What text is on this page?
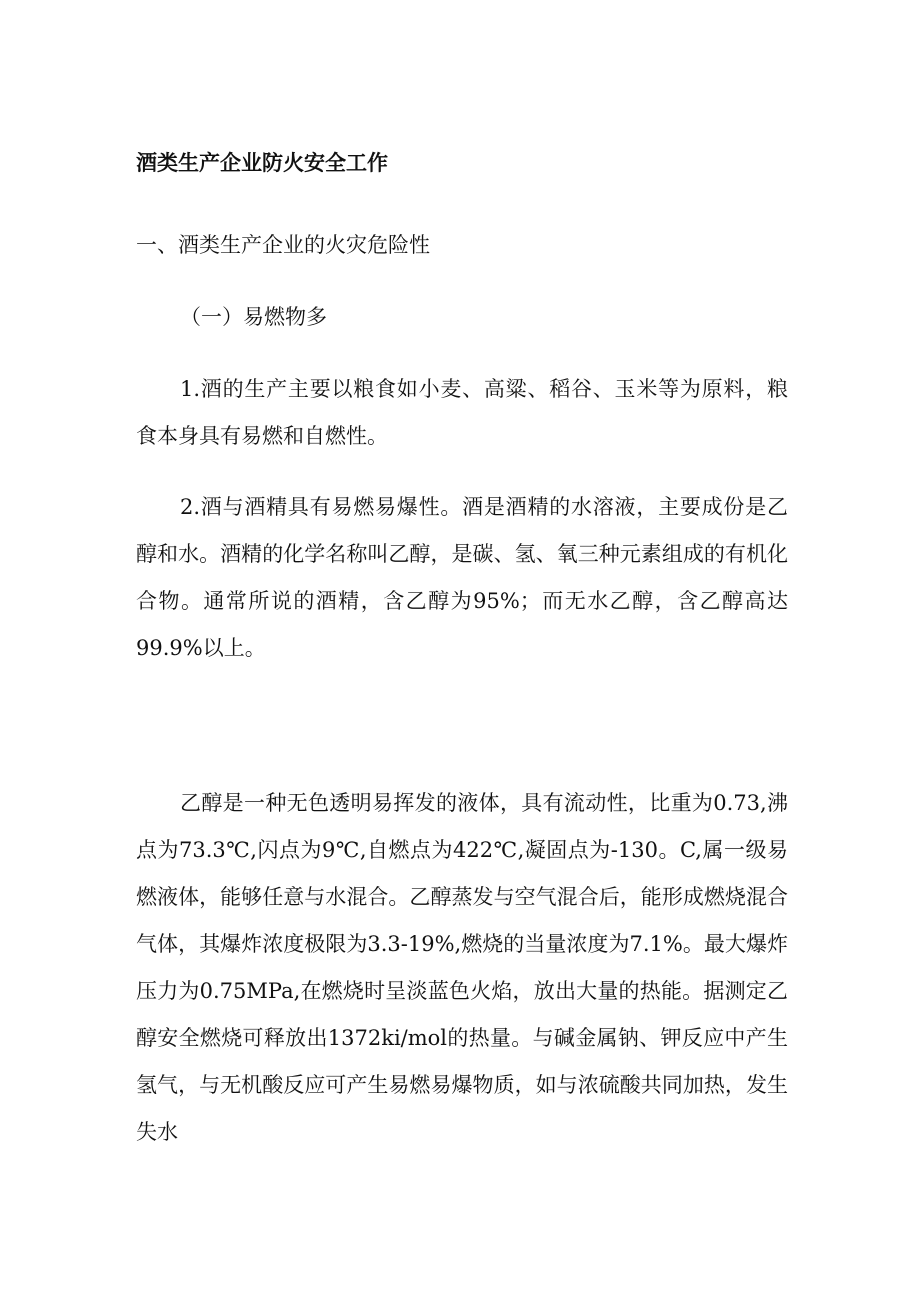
酒类生产企业防火安全工作

一、酒类生产企业的火灾危险性

（一）易燃物多

1.酒的生产主要以粮食如小麦、高粱、稻谷、玉米等为原料，粮食本身具有易燃和自燃性。

2.酒与酒精具有易燃易爆性。酒是酒精的水溶液，主要成份是乙醇和水。酒精的化学名称叫乙醇，是碳、氢、氧三种元素组成的有机化合物。通常所说的酒精，含乙醇为95%；而无水乙醇，含乙醇高达99.9%以上。

乙醇是一种无色透明易挥发的液体，具有流动性，比重为0.73,沸点为73.3℃,闪点为9℃,自燃点为422℃,凝固点为-130。C,属一级易燃液体，能够任意与水混合。乙醇蒸发与空气混合后，能形成燃烧混合气体，其爆炸浓度极限为3.3-19%,燃烧的当量浓度为7.1%。最大爆炸压力为0.75MPa,在燃烧时呈淡蓝色火焰，放出大量的热能。据测定乙醇安全燃烧可释放出1372ki/mol的热量。与碱金属钠、钾反应中产生氢气，与无机酸反应可产生易燃易爆物质，如与浓硫酸共同加热，发生失水
